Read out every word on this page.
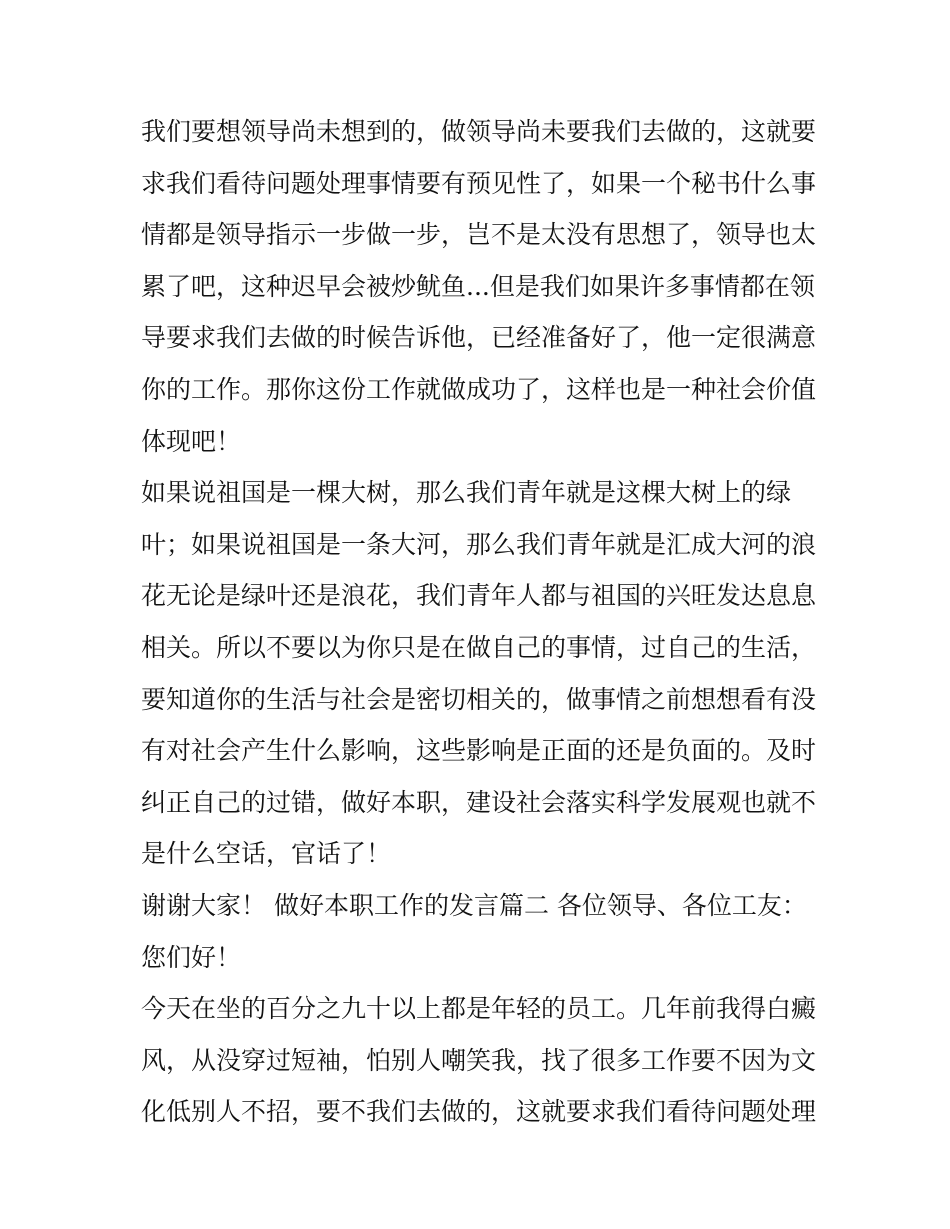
我们要想领导尚未想到的，做领导尚未要我们去做的，这就要
求我们看待问题处理事情要有预见性了，如果一个秘书什么事
情都是领导指示一步做一步，岂不是太没有思想了，领导也太
累了吧，这种迟早会被炒鱿鱼...但是我们如果许多事情都在领
导要求我们去做的时候告诉他，已经准备好了，他一定很满意
你的工作。那你这份工作就做成功了，这样也是一种社会价值
体现吧！
如果说祖国是一棵大树，那么我们青年就是这棵大树上的绿
叶；如果说祖国是一条大河，那么我们青年就是汇成大河的浪
花无论是绿叶还是浪花，我们青年人都与祖国的兴旺发达息息
相关。所以不要以为你只是在做自己的事情，过自己的生活，
要知道你的生活与社会是密切相关的，做事情之前想想看有没
有对社会产生什么影响，这些影响是正面的还是负面的。及时
纠正自己的过错，做好本职，建设社会落实科学发展观也就不
是什么空话，官话了！
谢谢大家！ 做好本职工作的发言篇二 各位领导、各位工友：
您们好！
今天在坐的百分之九十以上都是年轻的员工。几年前我得白癜
风，从没穿过短袖，怕别人嘲笑我，找了很多工作要不因为文
化低别人不招，要不我们去做的，这就要求我们看待问题处理
